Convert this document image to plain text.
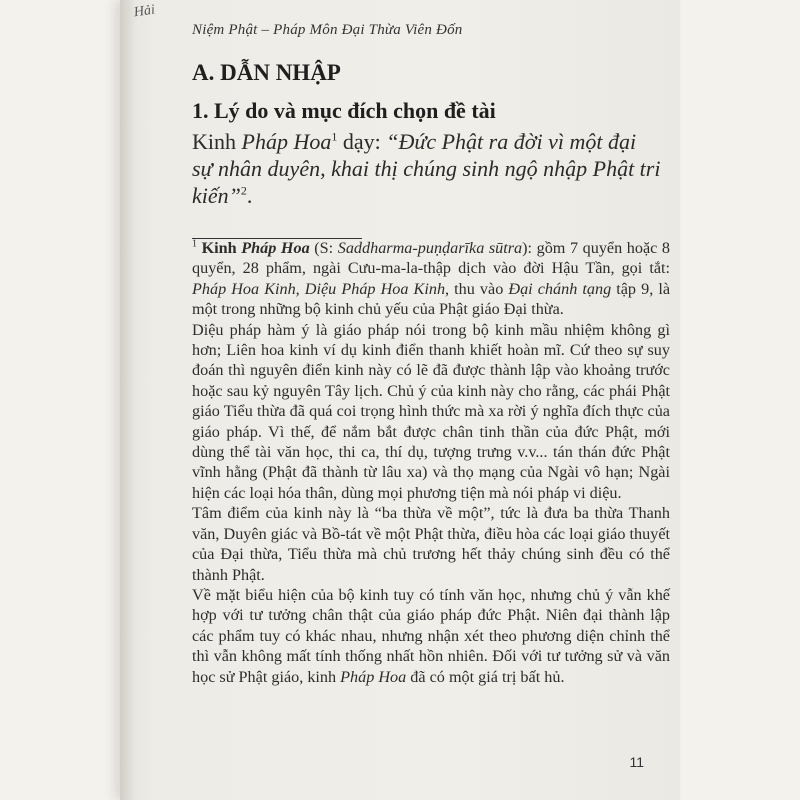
Hải
Niệm Phật – Pháp Môn Đại Thừa Viên Đốn
A. DẪN NHẬP
1. Lý do và mục đích chọn đề tài
Kinh Pháp Hoa$^1$ dạy: “Đức Phật ra đời vì một đại sự nhân duyên, khai thị chúng sinh ngộ nhập Phật tri kiến”$^2$.

$^1$ Kinh Pháp Hoa (S: Saddharma-puṇḍarīka sūtra): gồm 7 quyển hoặc 8 quyển, 28 phẩm, ngài Cưu-ma-la-thập dịch vào đời Hậu Tần, gọi tắt: Pháp Hoa Kinh, Diệu Pháp Hoa Kinh, thu vào Đại chánh tạng tập 9, là một trong những bộ kinh chủ yếu của Phật giáo Đại thừa.

Diệu pháp hàm ý là giáo pháp nói trong bộ kinh mầu nhiệm không gì hơn; Liên hoa kinh ví dụ kinh điển thanh khiết hoàn mĩ. Cứ theo sự suy đoán thì nguyên điển kinh này có lẽ đã được thành lập vào khoảng trước hoặc sau kỷ nguyên Tây lịch. Chủ ý của kinh này cho rằng, các phái Phật giáo Tiểu thừa đã quá coi trọng hình thức mà xa rời ý nghĩa đích thực của giáo pháp. Vì thế, để nắm bắt được chân tinh thần của đức Phật, mới dùng thể tài văn học, thi ca, thí dụ, tượng trưng v.v... tán thán đức Phật vĩnh hằng (Phật đã thành từ lâu xa) và thọ mạng của Ngài vô hạn; Ngài hiện các loại hóa thân, dùng mọi phương tiện mà nói pháp vi diệu.

Tâm điểm của kinh này là “ba thừa về một”, tức là đưa ba thừa Thanh văn, Duyên giác và Bồ-tát về một Phật thừa, điều hòa các loại giáo thuyết của Đại thừa, Tiểu thừa mà chủ trương hết thảy chúng sinh đều có thể thành Phật.

Về mặt biểu hiện của bộ kinh tuy có tính văn học, nhưng chủ ý vẫn khế hợp với tư tưởng chân thật của giáo pháp đức Phật. Niên đại thành lập các phẩm tuy có khác nhau, nhưng nhận xét theo phương diện chỉnh thể thì vẫn không mất tính thống nhất hồn nhiên. Đối với tư tưởng sử và văn học sử Phật giáo, kinh Pháp Hoa đã có một giá trị bất hủ.

11
